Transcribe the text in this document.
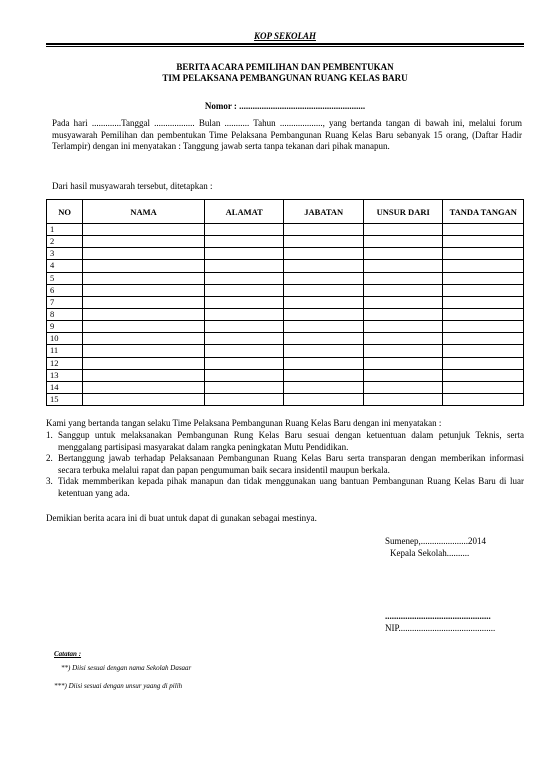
KOP SEKOLAH
BERITA ACARA PEMILIHAN DAN PEMBENTUKAN
TIM PELAKSANA PEMBANGUNAN RUANG KELAS BARU
Nomor : ........................................................
Pada hari .............Tanggal .................. Bulan ........... Tahun ..................., yang bertanda tangan di bawah ini, melalui forum musyawarah Pemilihan dan pembentukan Time Pelaksana Pembangunan Ruang Kelas Baru sebanyak 15 orang, (Daftar Hadir Terlampir) dengan ini menyatakan : Tanggung jawab serta tanpa tekanan dari pihak manapun.
Dari hasil musyawarah tersebut, ditetapkan :
NO	NAMA	ALAMAT	JABATAN	UNSUR DARI	TANDA TANGAN
1					
2					
3					
4					
5					
6					
7					
8					
9					
10					
11					
12					
13					
14					
15					
Kami yang bertanda tangan selaku Time Pelaksana Pembangunan Ruang Kelas Baru dengan ini menyatakan :
1. Sanggup untuk melaksanakan Pembangunan Rung Kelas Baru sesuai dengan ketuentuan dalam petunjuk Teknis, serta menggalang partisipasi masyarakat dalam rangka peningkatan Mutu Pendidikan.
2. Bertanggung jawab terhadap Pelaksanaan Pembangunan Ruang Kelas Baru serta transparan dengan memberikan informasi secara terbuka melalui rapat dan papan pengumuman baik secara insidentil maupun berkala.
3. Tidak memmberikan kepada pihak manapun dan tidak menggunakan uang bantuan Pembangunan Ruang Kelas Baru di luar ketentuan yang ada.
Demikian berita acara ini di buat untuk dapat di gunakan sebagai mestinya.
Sumenep,.....................2014
Kepala Sekolah..........
...............................................
NIP...........................................
Catatan :
**) Diisi sesuai dengan nama Sekolah Dasaar
***) Diisi sesuai dengan unsur yaang di pilih
